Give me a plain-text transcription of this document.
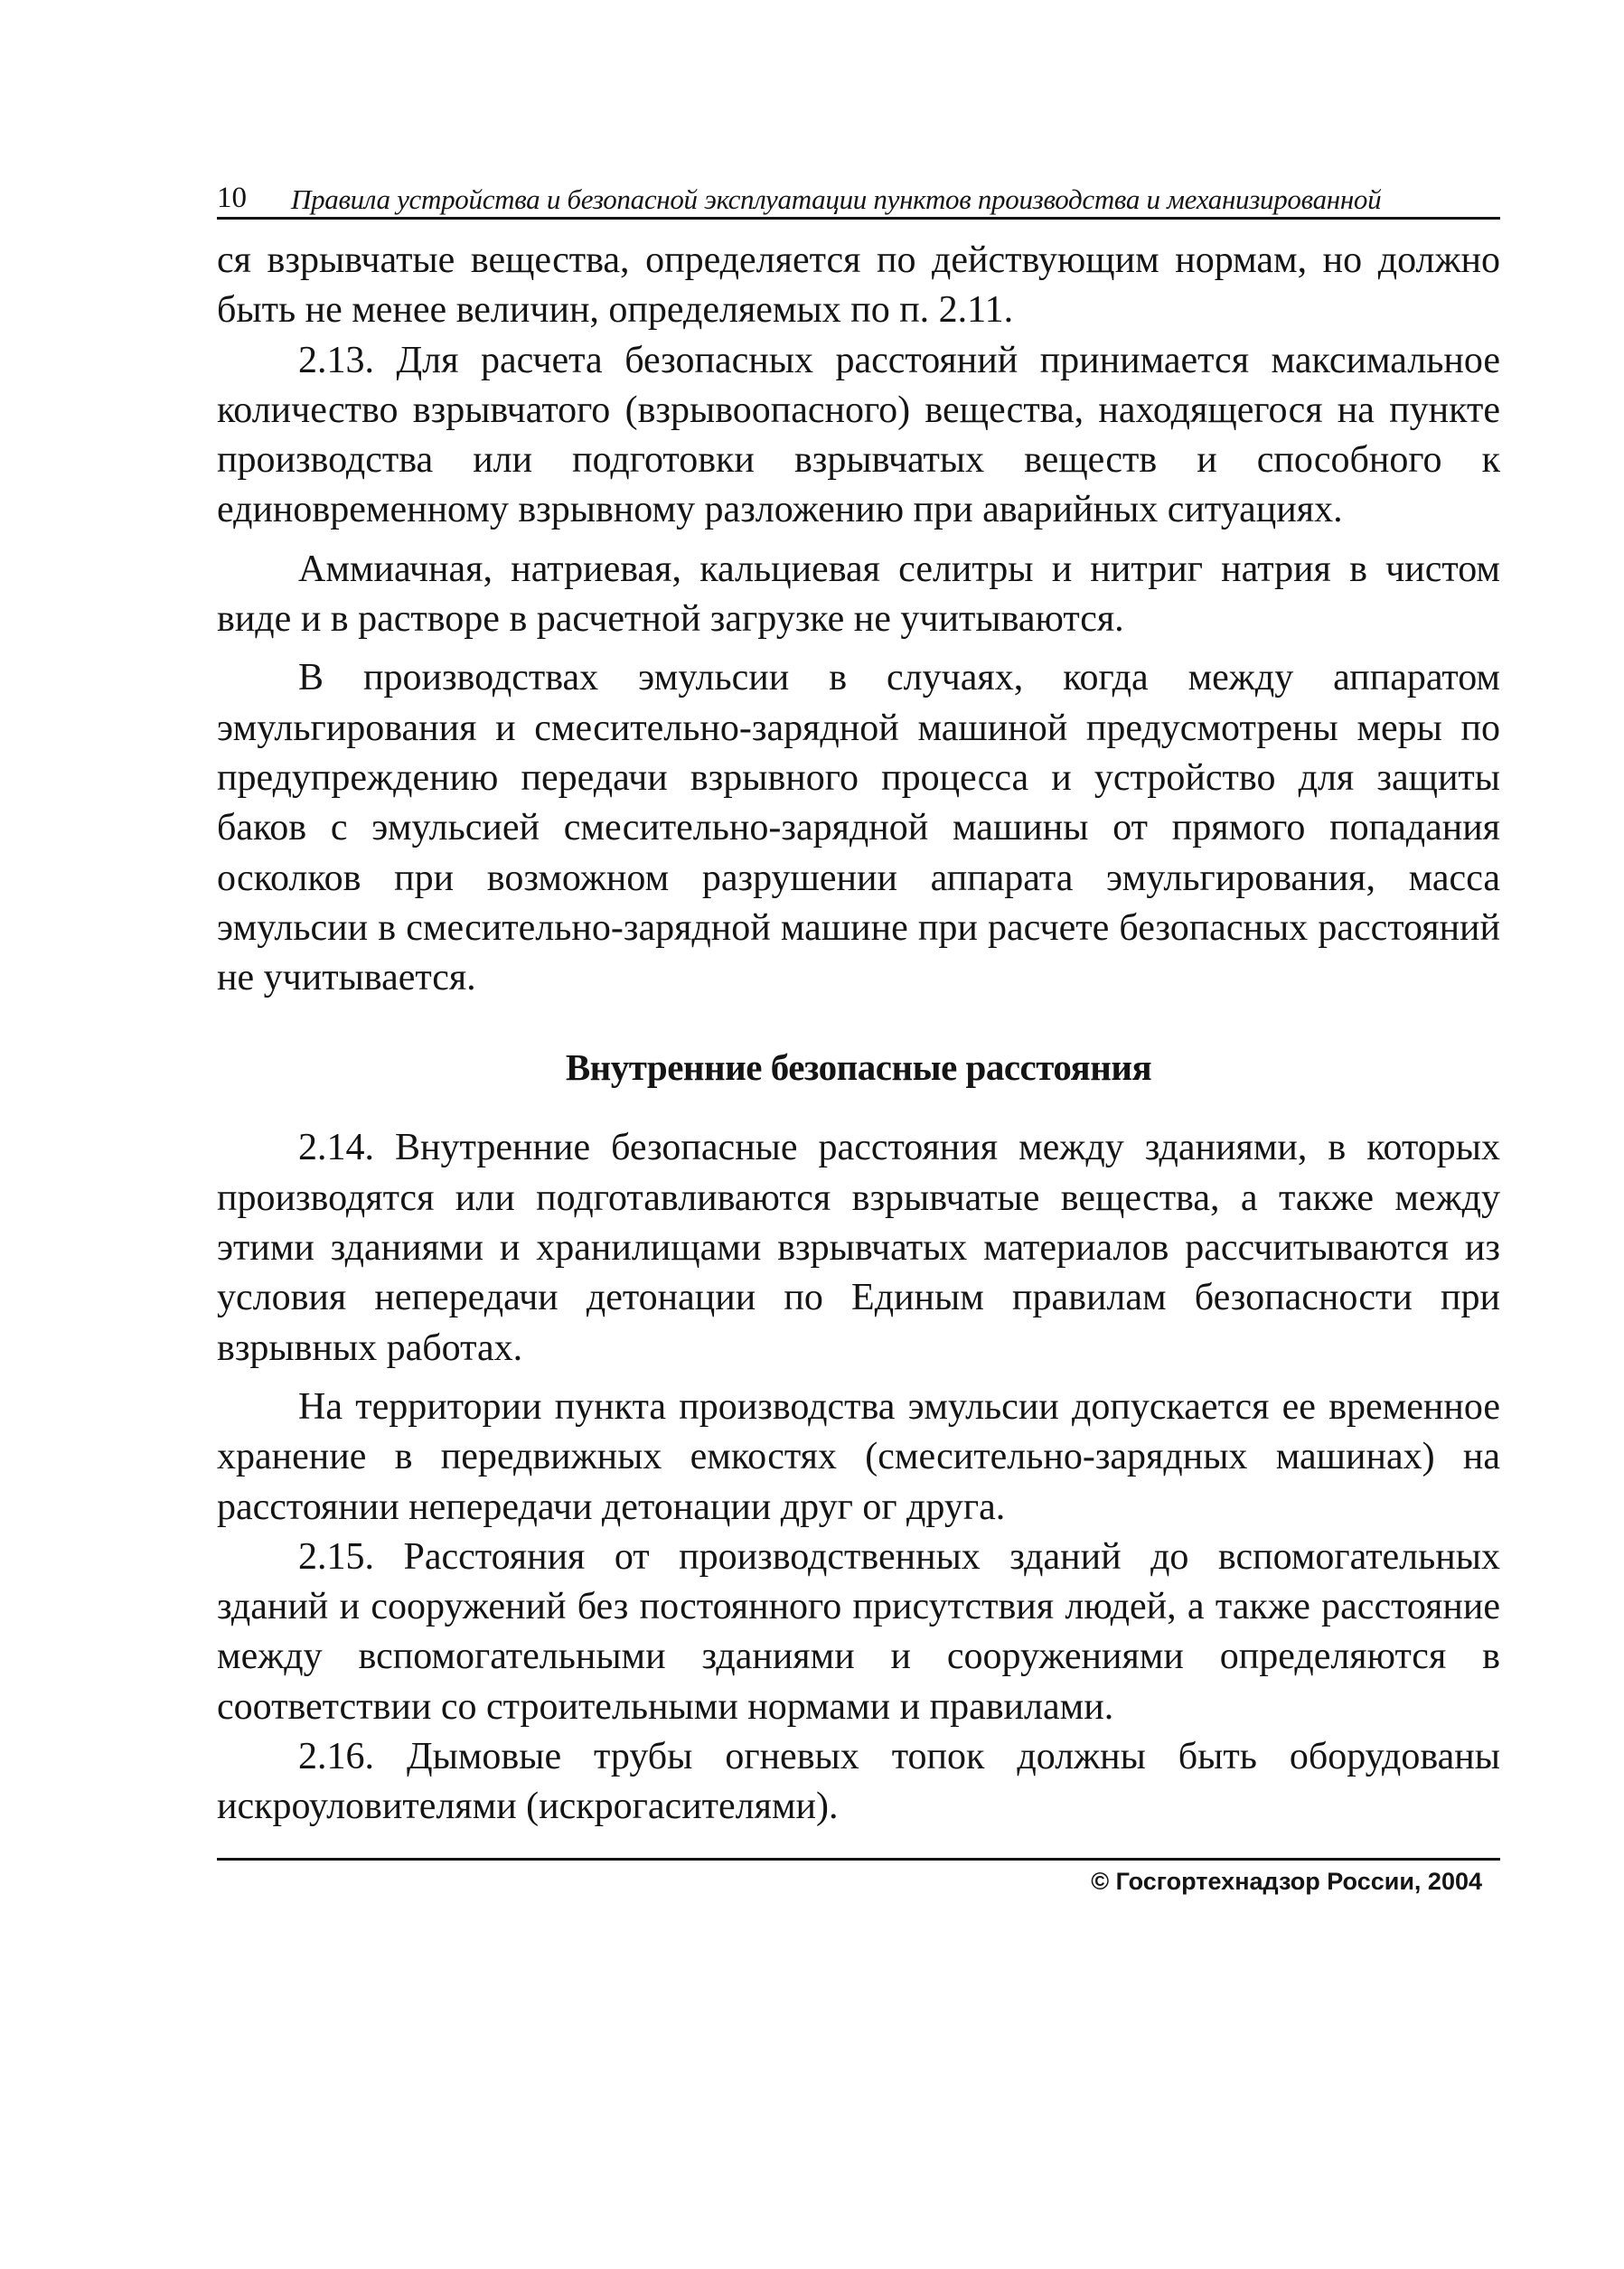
10	Правила устройства и безопасной эксплуатации пунктов производства и механизированной

ся взрывчатые вещества, определяется по действующим нормам, но должно быть не менее величин, определяемых по п. 2.11.

2.13. Для расчета безопасных расстояний принимается максимальное количество взрывчатого (взрывоопасного) вещества, находящегося на пункте производства или подготовки взрывчатых веществ и способного к единовременному взрывному разложению при аварийных ситуациях.

Аммиачная, натриевая, кальциевая селитры и нитриг натрия в чистом виде и в растворе в расчетной загрузке не учитываются.

В производствах эмульсии в случаях, когда между аппаратом эмульгирования и смесительно-зарядной машиной предусмотрены меры по предупреждению передачи взрывного процесса и устройство для защиты баков с эмульсией смесительно-зарядной машины от прямого попадания осколков при возможном разрушении аппарата эмульгирования, масса эмульсии в смесительно-зарядной машине при расчете безопасных расстояний не учитывается.

Внутренние безопасные расстояния

2.14. Внутренние безопасные расстояния между зданиями, в которых производятся или подготавливаются взрывчатые вещества, а также между этими зданиями и хранилищами взрывчатых материалов рассчитываются из условия непередачи детонации по Единым правилам безопасности при взрывных работах.

На территории пункта производства эмульсии допускается ее временное хранение в передвижных емкостях (смесительно-зарядных машинах) на расстоянии непередачи детонации друг ог друга.

2.15. Расстояния от производственных зданий до вспомогательных зданий и сооружений без постоянного присутствия людей, а также расстояние между вспомогательными зданиями и сооружениями определяются в соответствии со строительными нормами и правилами.

2.16. Дымовые трубы огневых топок должны быть оборудованы искроуловителями (искрогасителями).

© Госгортехнадзор России, 2004
